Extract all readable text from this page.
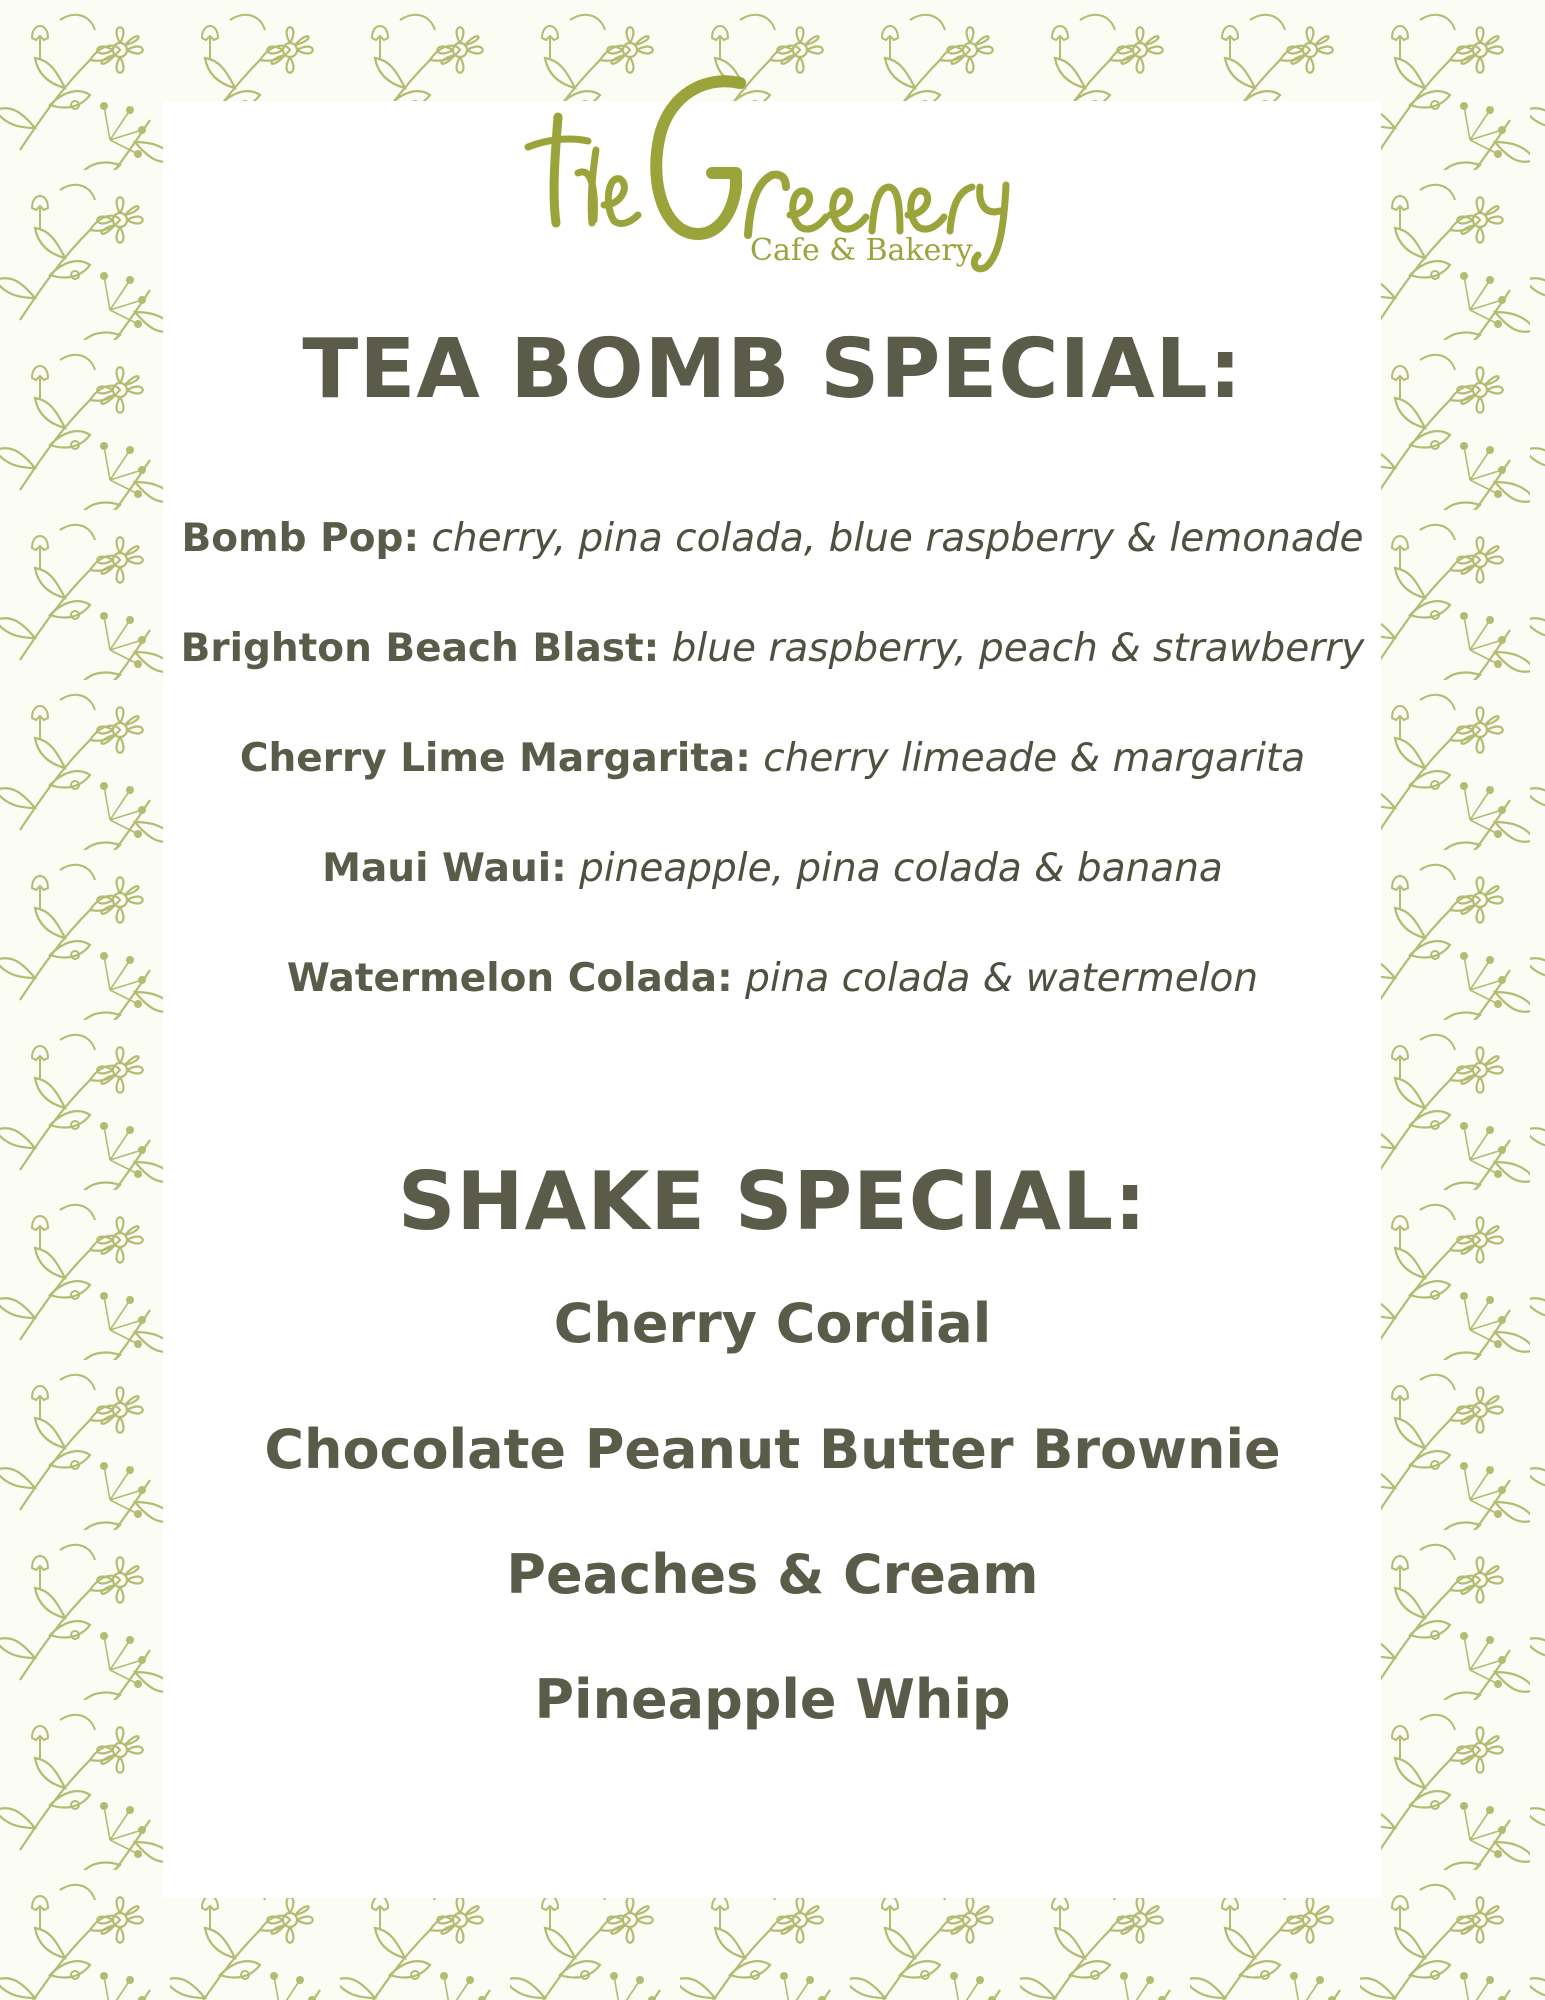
Cafe & Bakery
TEA BOMB SPECIAL:
Bomb Pop: cherry, pina colada, blue raspberry & lemonade
Brighton Beach Blast: blue raspberry, peach & strawberry
Cherry Lime Margarita: cherry limeade & margarita
Maui Waui: pineapple, pina colada & banana
Watermelon Colada: pina colada & watermelon
SHAKE SPECIAL:
Cherry Cordial
Chocolate Peanut Butter Brownie
Peaches & Cream
Pineapple Whip
